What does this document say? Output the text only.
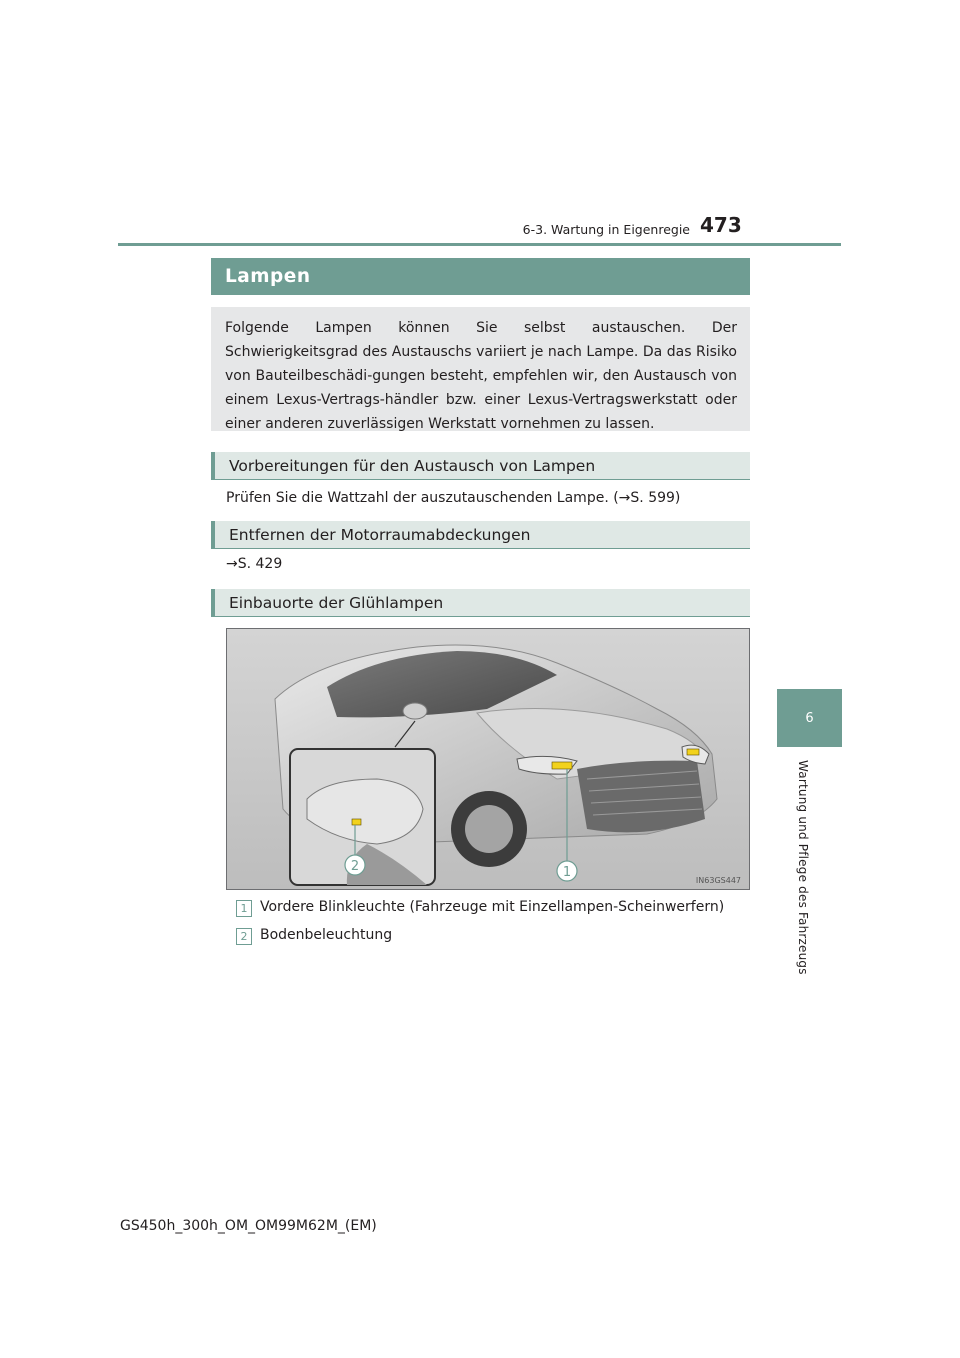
6-3. Wartung in Eigenregie 473
6
Wartung und Pflege des Fahrzeugs
Lampen
Folgende Lampen können Sie selbst austauschen. Der Schwierigkeitsgrad des Austauschs variiert je nach Lampe. Da das Risiko von Bauteilbeschädi-gungen besteht, empfehlen wir, den Austausch von einem Lexus-Vertrags-händler bzw. einer Lexus-Vertragswerkstatt oder einer anderen zuverlässigen Werkstatt vornehmen zu lassen.
Vorbereitungen für den Austausch von Lampen
Prüfen Sie die Wattzahl der auszutauschenden Lampe. (→S. 599)
Entfernen der Motorraumabdeckungen
→S. 429
Einbauorte der Glühlampen
1
2
IN63GS447
1 Vordere Blinkleuchte (Fahrzeuge mit Einzellampen-Scheinwerfern)
2 Bodenbeleuchtung
GS450h_300h_OM_OM99M62M_(EM)
